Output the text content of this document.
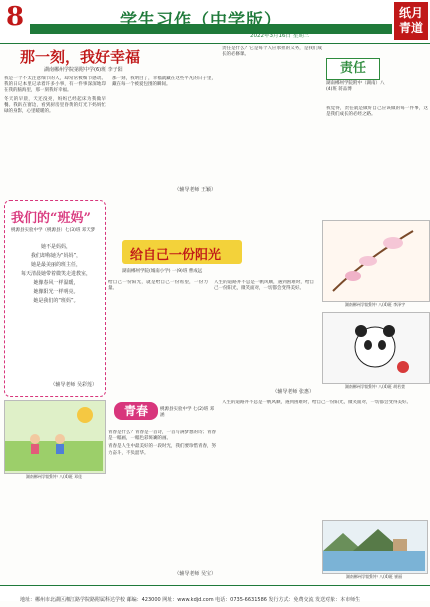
8
科达资讯学报 / http://www.kdjd.com
学生习作（中学版）
2022年3月16日 星期三
纸月
青道
那一刻，我好幸福
湖南郴州学院第附中学(6)班 李子阳

我是一个不太注意细节的人，却常常被细节感动。我的日记本里记录着许多小事，有一件事深深地印在我的脑海里，那一刻我好幸福。

冬天的早晨，天还没亮，妈妈已经起床为我做早餐。我趴在窗边，看到厨房里昏黄的灯光下妈妈忙碌的身影，心里暖暖的。

那一刻，我明白了，幸福就藏在这些平凡的日子里，藏在每一个被爱包围的瞬间。

（辅导老师 王颖）

责任是什么？它是每个人应承担的义务，是我们成长的必修课。

责任
湖南郴州学院附中（湖南）八(4)班 蒋品博

我觉得，责任就是做好自己应该做的每一件事，这是我们成长的必经之路。

我们的“班妈”
桃源县实验中学（桃源县）七(3)班 邓天梦
她不是妈妈，
我们却称她为“妈妈”，
她是最美丽的班主任，
每天清晨她带着微笑走进教室，
她像春风一样温暖，
她像阳光一样明亮。
她是我们的“班妈”。
（辅导老师 吴彩莲）
给自己一份阳光
湖南郴州学院(城南小学) 一(9)班 曹成远

给自己一份阳光，就是给自己一份希望，一份力量。

人生的道路并不总是一帆风顺，遇到困难时，给自己一份阳光，微笑面对，一切都会变得美好。

（辅导老师 张惠）
湖南郴州学院附中 八(4)班 李泽宇
湖南郴州学院附中 八(4)班 胡若萱
青春	桃源县实验中学 七(2)班 邓涵

青春是什么？青春是一首诗，一首写满梦想的诗；青春是一幅画，一幅色彩斑斓的画。

青春是人生中最美好的一段时光，我们要珍惜青春，努力奋斗，不负韶华。

（辅导老师 吴宝）
湖南郴州学院附中 八(4)班 邓佳

人生的道路并不总是一帆风顺，遇到困难时，给自己一份阳光，微笑面对，一切都会变得美好。

湖南郴州学院附中 八(4)班 崔丽
地址：郴州市北湖区湘江路学院路附属科达学校 邮编：423000 网址：www.kdjd.com 电话：0735-6631586 发行方式：免费交流 发送对象：本市师生
